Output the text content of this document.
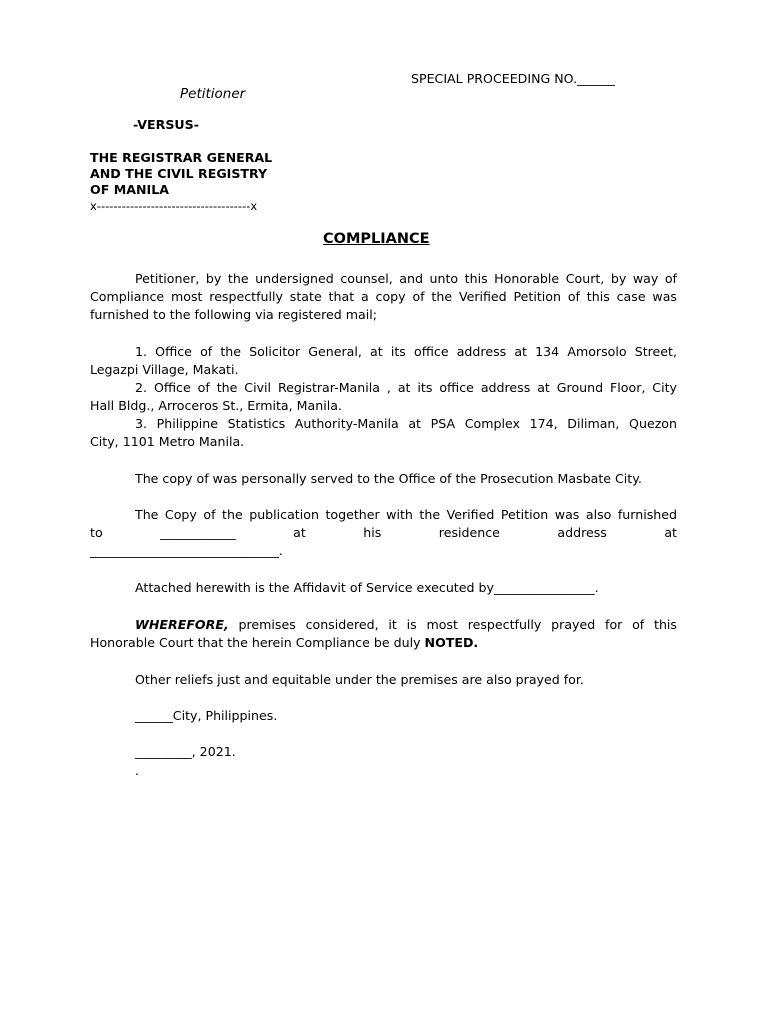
SPECIAL PROCEEDING NO.______
Petitioner
-VERSUS-
THE REGISTRAR GENERAL
AND THE CIVIL REGISTRY
OF MANILA
x-------------------------------------x
COMPLIANCE
Petitioner, by the undersigned counsel, and unto this Honorable Court, by way of
Compliance most respectfully state that a copy of the Verified Petition of this case was
furnished to the following via registered mail;
1. Office of the Solicitor General, at its office address at 134 Amorsolo Street,
Legazpi Village, Makati.
2. Office of the Civil Registrar-Manila , at its office address at Ground Floor, City
Hall Bldg., Arroceros St., Ermita, Manila.
3. Philippine Statistics Authority-Manila at PSA Complex 174, Diliman, Quezon
City, 1101 Metro Manila.
The copy of was personally served to the Office of the Prosecution Masbate City.
The Copy of the publication together with the Verified Petition was also furnished
to	____________	at	his	residence	address	at
______________________________.
Attached herewith is the Affidavit of Service executed by________________.
WHEREFORE, premises considered, it is most respectfully prayed for of this
Honorable Court that the herein Compliance be duly NOTED.
Other reliefs just and equitable under the premises are also prayed for.
______City, Philippines.
_________, 2021.
.
